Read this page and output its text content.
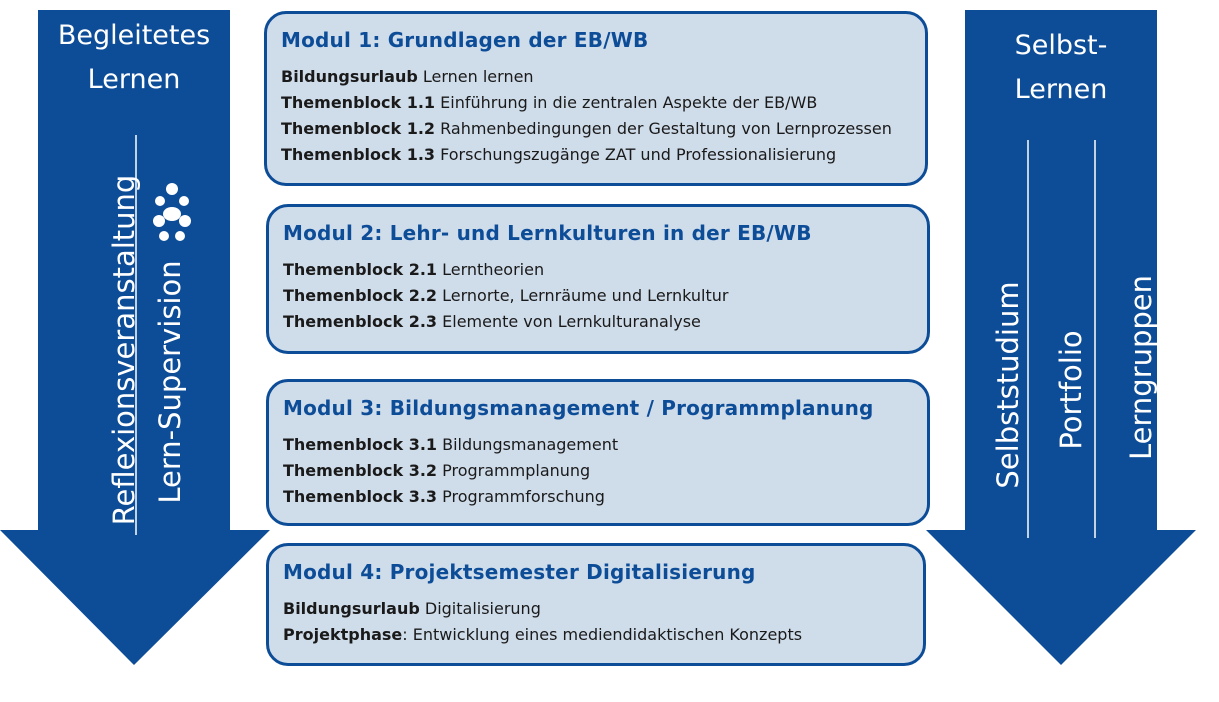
Begleitetes
Lernen
Reflexionsveranstaltung Lern-Supervision
Selbst-
Lernen
Selbststudium Portfolio Lerngruppen
Modul 1: Grundlagen der EB/WB
Bildungsurlaub Lernen lernen
Themenblock 1.1 Einführung in die zentralen Aspekte der EB/WB
Themenblock 1.2 Rahmenbedingungen der Gestaltung von Lernprozessen
Themenblock 1.3 Forschungszugänge ZAT und Professionalisierung
Modul 2: Lehr- und Lernkulturen in der EB/WB
Themenblock 2.1 Lerntheorien
Themenblock 2.2 Lernorte, Lernräume und Lernkultur
Themenblock 2.3 Elemente von Lernkulturanalyse
Modul 3: Bildungsmanagement / Programmplanung
Themenblock 3.1 Bildungsmanagement
Themenblock 3.2 Programmplanung
Themenblock 3.3 Programmforschung
Modul 4: Projektsemester Digitalisierung
Bildungsurlaub Digitalisierung
Projektphase: Entwicklung eines mediendidaktischen Konzepts
